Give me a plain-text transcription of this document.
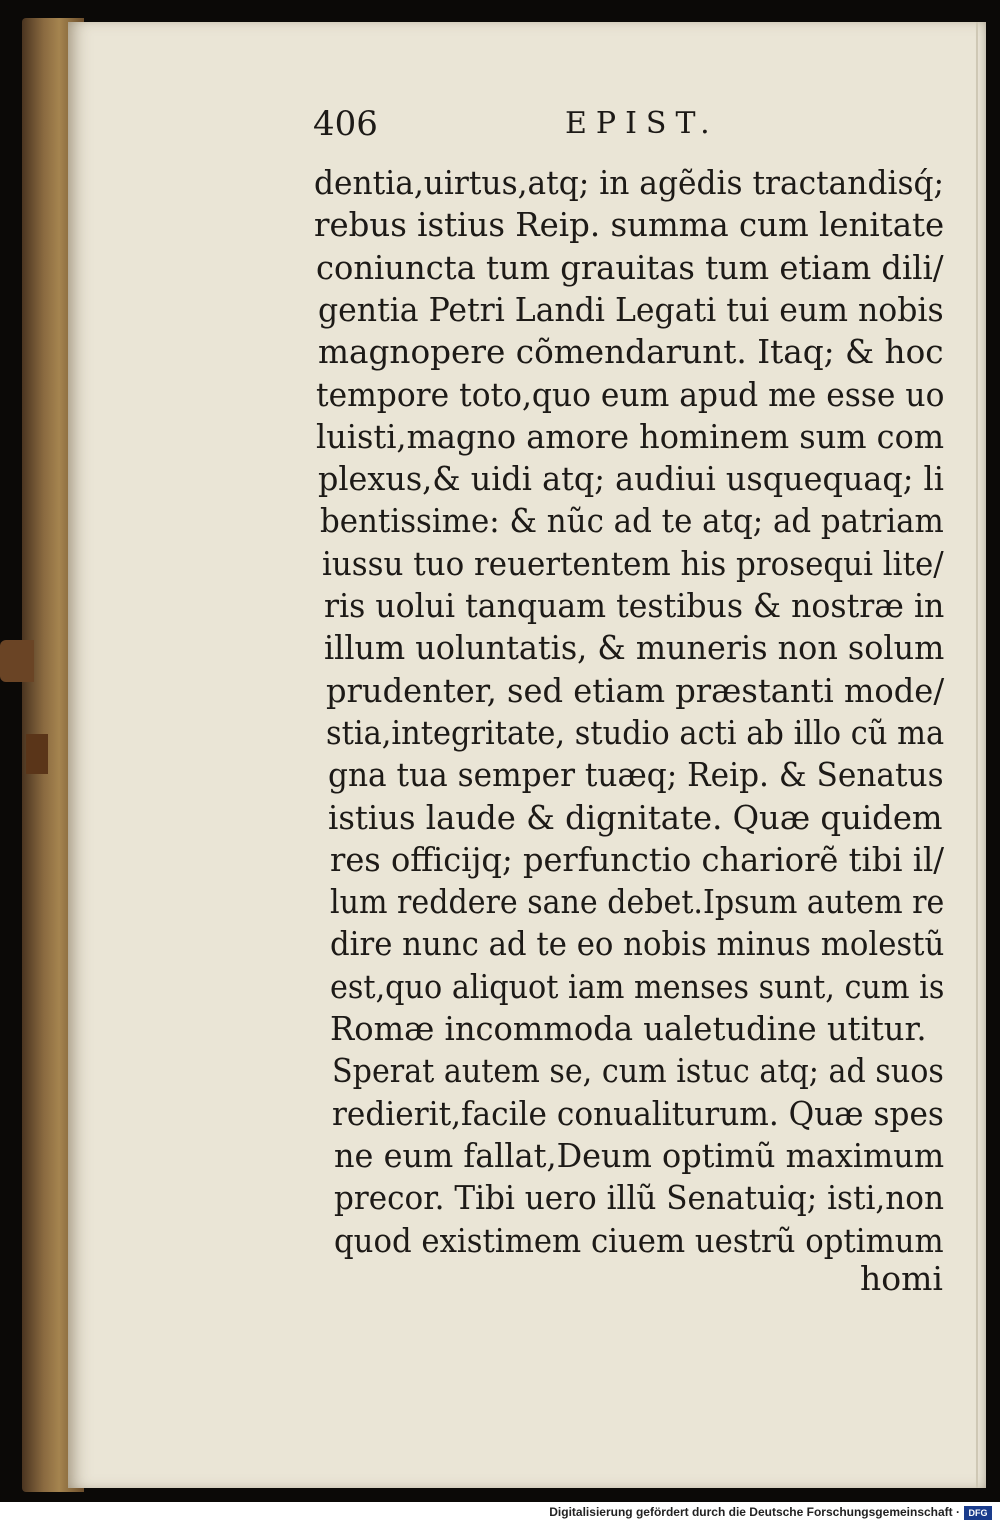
406	EPIST.
dentia,uirtus,atq; in agẽdis tractandisq́;
rebus istius Reip. summa cum lenitate
coniuncta tum grauitas tum etiam dili/
gentia Petri Landi Legati tui eum nobis
magnopere cõmendarunt. Itaq; & hoc
tempore toto,quo eum apud me esse uo
luisti,magno amore hominem sum com
plexus,& uidi atq; audiui usquequaq; li
bentissime: & nũc ad te atq; ad patriam
iussu tuo reuertentem his prosequi lite/
ris uolui tanquam testibus & nostræ in
illum uoluntatis, & muneris non solum
prudenter, sed etiam præstanti mode/
stia,integritate, studio acti ab illo cũ ma
gna tua semper tuæq; Reip. & Senatus
istius laude & dignitate. Quæ quidem
res officijq; perfunctio chariorẽ tibi il/
lum reddere sane debet.Ipsum autem re
dire nunc ad te eo nobis minus molestũ
est,quo aliquot iam menses sunt, cum is
Romæ incommoda ualetudine utitur.
Sperat autem se, cum istuc atq; ad suos
redierit,facile conualiturum. Quæ spes
ne eum fallat,Deum optimũ maximum
precor. Tibi uero illũ Senatuiq; isti,non
quod existimem ciuem uestrũ optimum
homi
Digitalisierung gefördert durch die Deutsche Forschungsgemeinschaft · DFG
